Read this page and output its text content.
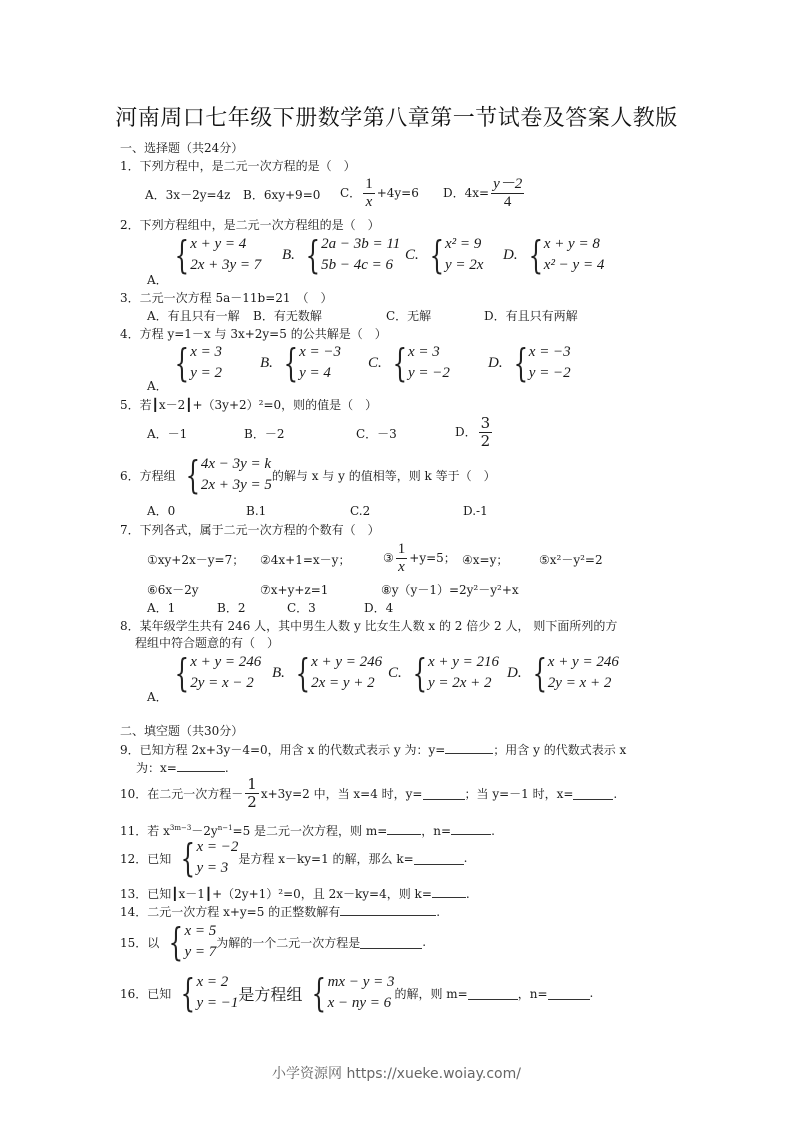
河南周口七年级下册数学第八章第一节试卷及答案人教版
一、选择题（共24分）
1．下列方程中，是二元一次方程的是（　）
A．3x－2y=4z B．6xy+9=0 C． $\frac{1}{x} +4y=6$ D．$4x= \frac{y-2}{4}$
2．下列方程组中，是二元一次方程组的是（　）
A．
{ x + y = 4
2x + 3y = 7
B. { 2a − 3b = 11
5b − 4c = 6
C. { x² = 9
y = 2x
D. { x + y = 8
x² − y = 4
3．二元一次方程 5a－11b=21　（　）
A．有且只有一解 B．有无数解	C．无解	D．有且只有两解
4．方程 y=1－x 与 3x+2y=5 的公共解是（　）
A．
{ x = 3
y = 2
B. { x = −3
y = 4
C. { x = 3
y = −2
D. { x = −3
y = −2
5．若┃x－2┃+（3y+2）²=0，则的值是（　）
A．－1	B．－2	C．－3	D． $\frac{3}{2}$
6．方程组 { 4x − 3y = k
2x + 3y = 5
的解与 x 与 y 的值相等，则 k 等于（　）
A．0	B.1	C.2	D.-1
7．下列各式，属于二元一次方程的个数有（　）
①xy+2x－y=7； ②4x+1=x－y；	③ $\frac{1}{x} +y=5$； ④x=y；	⑤x²－y²=2
⑥6x－2y	⑦x+y+z=1	⑧y（y－1）=2y²－y²+x
A．1	B．2	C．3	D．4
8．某年级学生共有 246 人，其中男生人数 y 比女生人数 x 的 2 倍少 2 人， 则下面所列的方
程组中符合题意的有（　）
A．
{ x + y = 246
2y = x − 2
B. { x + y = 246
2x = y + 2
C. { x + y = 216
y = 2x + 2
D. { x + y = 246
2y = x + 2
二、填空题（共30分）
9．已知方程 2x+3y－4=0，用含 x 的代数式表示 y 为：y=	；用含 y 的代数式表示 x
为：x=	.
10．在二元一次方程－ $\frac{1}{2} x+3y=2$ 中，当 x=4 时，y=	；当 y=－1 时，x=	.
11．若 $x^{3m-3}-2y^{n-1}=5$ 是二元一次方程，则 m=	，n=	.
12．已知 { x = −2
y = 3
是方程 x－ky=1 的解，那么 k=	.
13．已知┃x－1┃+（2y+1）²=0，且 2x－ky=4，则 k=	.
14．二元一次方程 x+y=5 的正整数解有	.
15．以 { x = 5
y = 7
为解的一个二元一次方程是	.
16．已知 { x = 2
y = −1 是方程组 { mx − y = 3
x − ny = 6
的解，则 m=	，n=	.
小学资源网 https://xueke.woiay.com/
